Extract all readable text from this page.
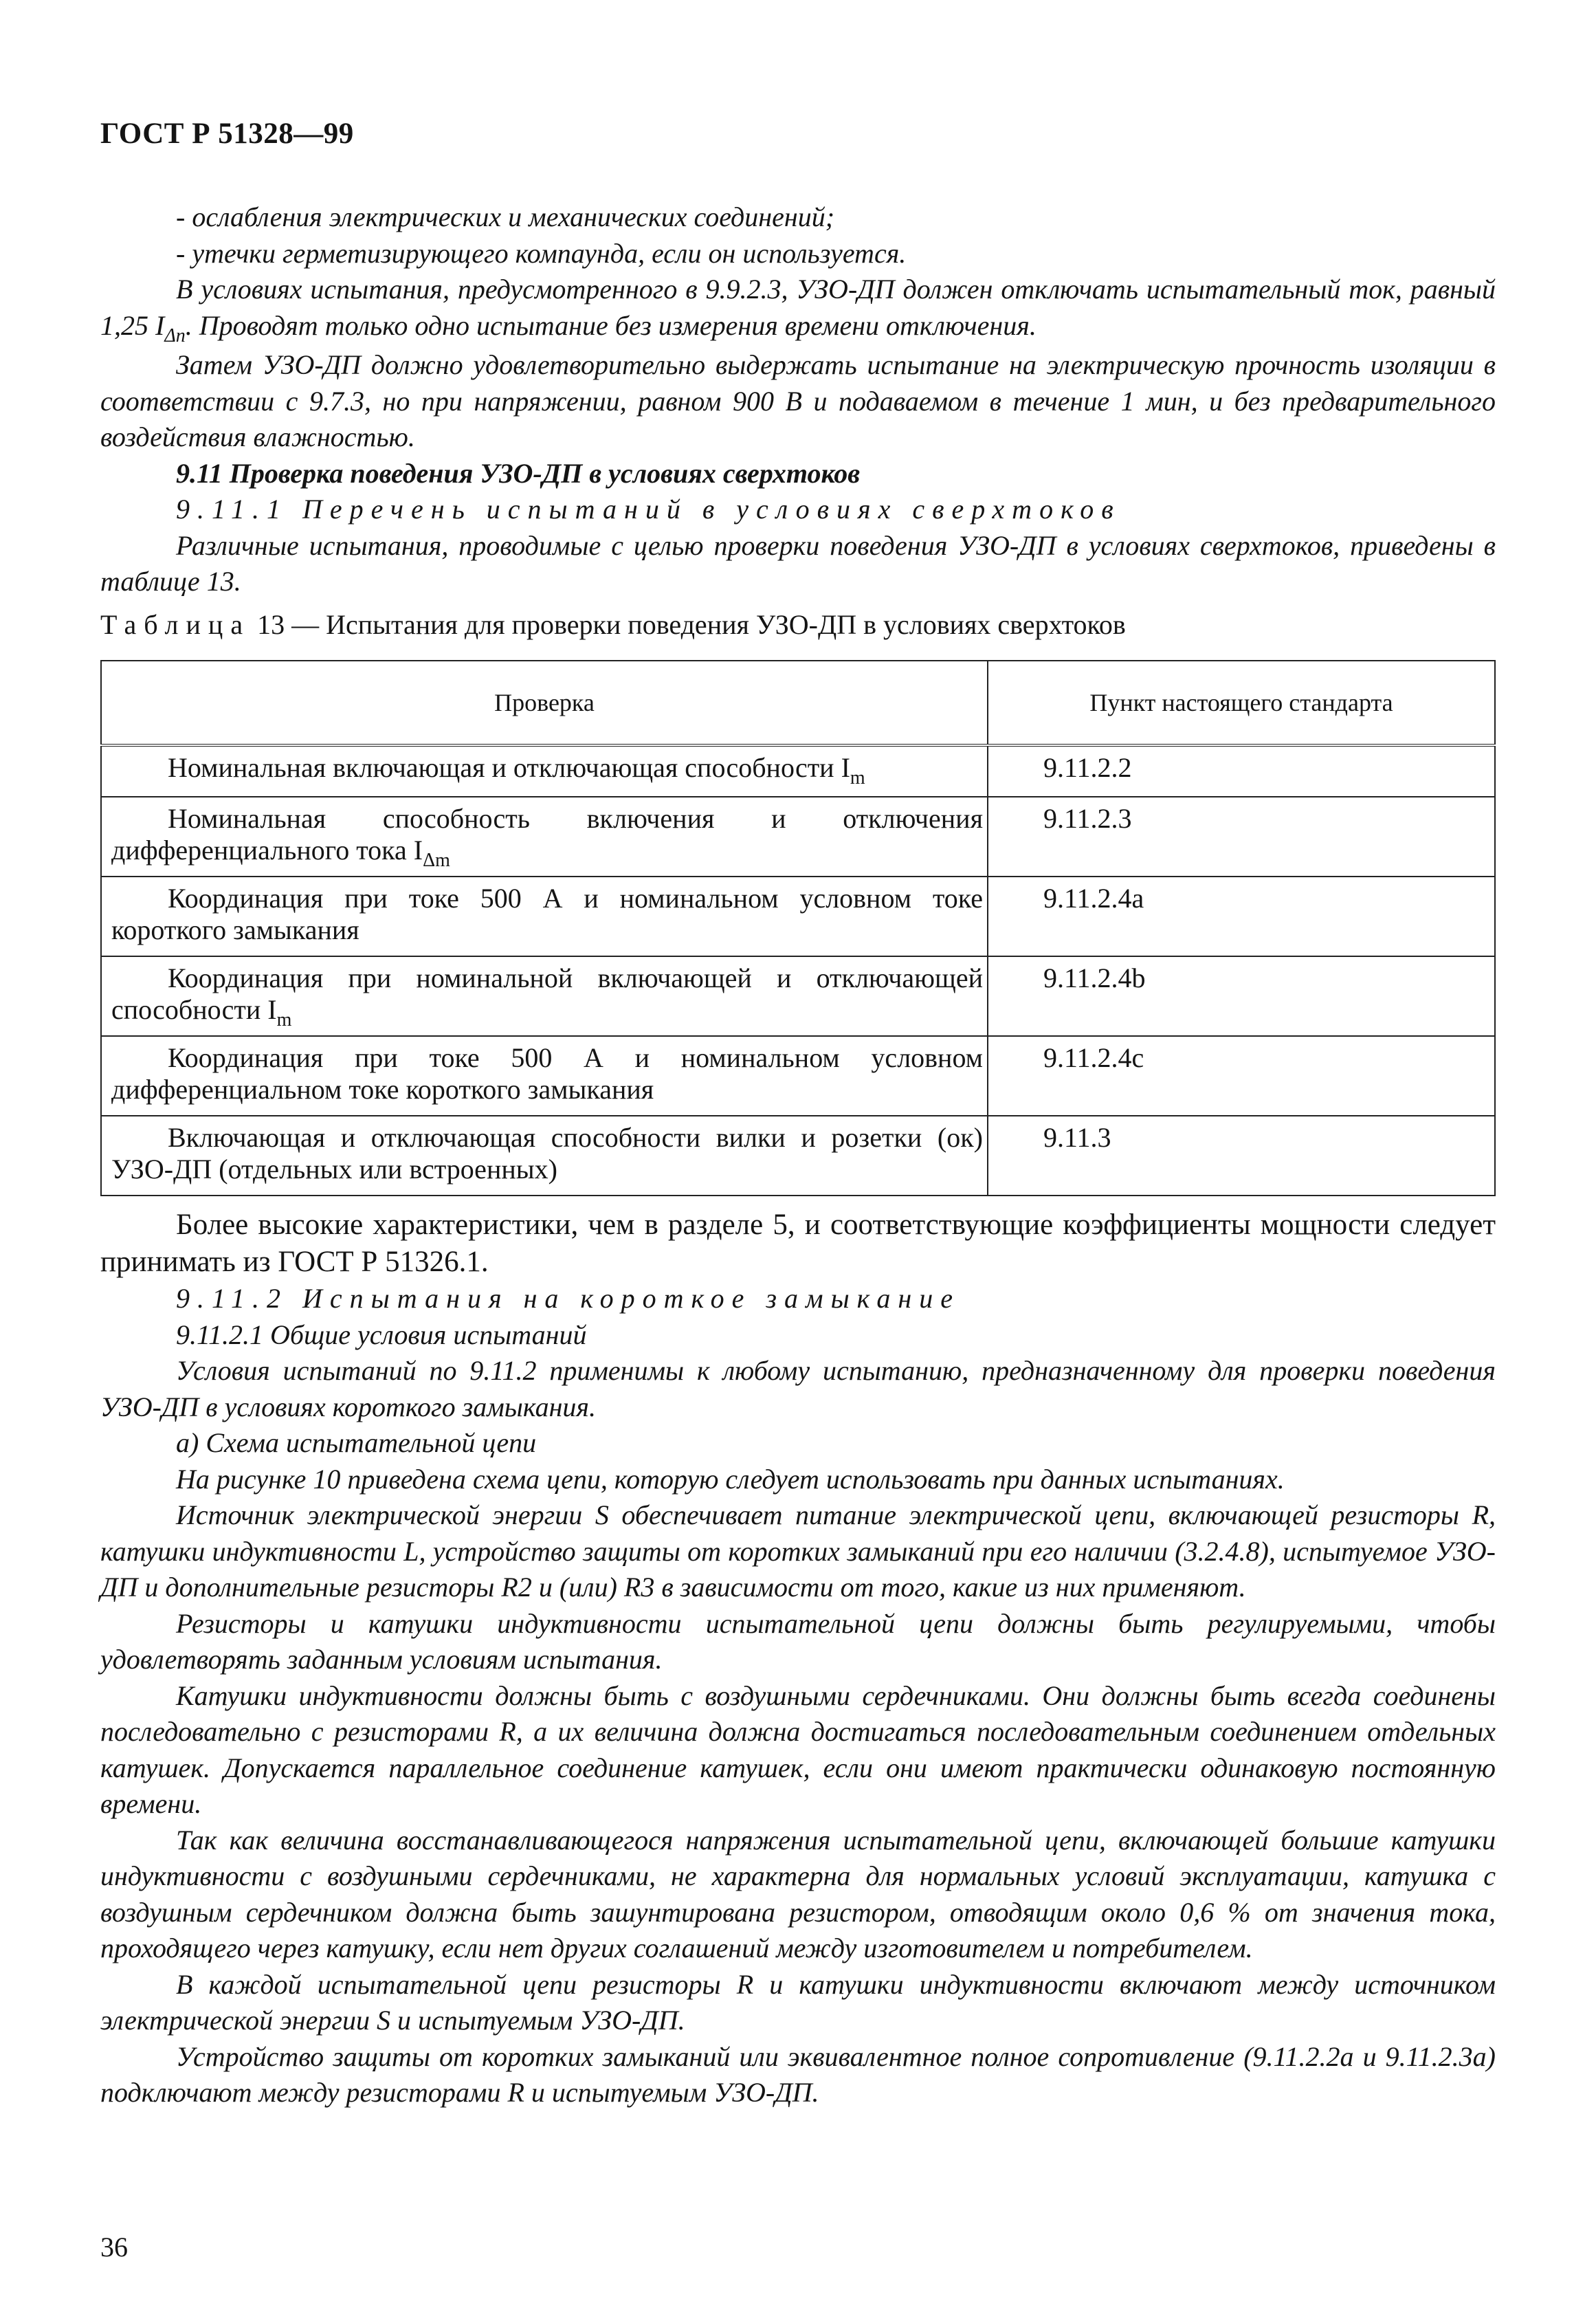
ГОСТ Р 51328—99

- ослабления электрических и механических соединений;

- утечки герметизирующего компаунда, если он используется.

В условиях испытания, предусмотренного в 9.9.2.3, УЗО-ДП должен отключать испытательный ток, равный 1,25 $I_{\Delta n}$. Проводят только одно испытание без измерения времени отключения.

Затем УЗО-ДП должно удовлетворительно выдержать испытание на электрическую прочность изоляции в соответствии с 9.7.3, но при напряжении, равном 900 В и подаваемом в течение 1 мин, и без предварительного воздействия влажностью.

9.11 Проверка поведения УЗО-ДП в условиях сверхтоков

9.11.1 Перечень испытаний в условиях сверхтоков

Различные испытания, проводимые с целью проверки поведения УЗО-ДП в условиях сверхтоков, приведены в таблице 13.

Таблица 13 — Испытания для проверки поведения УЗО-ДП в условиях сверхтоков
Проверка	Пункт настоящего стандарта

Номинальная включающая и отключающая способности $I_m$	9.11.2.2

Номинальная способность включения и отключения дифференциального тока $I_{\Delta m}$	9.11.2.3

Координация при токе 500 А и номинальном условном токе короткого замыкания	9.11.2.4a

Координация при номинальной включающей и отключающей способности $I_m$	9.11.2.4b

Координация при токе 500 А и номинальном условном дифференциальном токе короткого замыкания	9.11.2.4c

Включающая и отключающая способности вилки и розетки (ок) УЗО-ДП (отдельных или встроенных)	9.11.3

Более высокие характеристики, чем в разделе 5, и соответствующие коэффициенты мощности следует принимать из ГОСТ Р 51326.1.

9.11.2 Испытания на короткое замыкание

9.11.2.1 Общие условия испытаний

Условия испытаний по 9.11.2 применимы к любому испытанию, предназначенному для проверки поведения УЗО-ДП в условиях короткого замыкания.

а) Схема испытательной цепи

На рисунке 10 приведена схема цепи, которую следует использовать при данных испытаниях.

Источник электрической энергии S обеспечивает питание электрической цепи, включающей резисторы R, катушки индуктивности L, устройство защиты от коротких замыканий при его наличии (3.2.4.8), испытуемое УЗО-ДП и дополнительные резисторы R2 и (или) R3 в зависимости от того, какие из них применяют.

Резисторы и катушки индуктивности испытательной цепи должны быть регулируемыми, чтобы удовлетворять заданным условиям испытания.

Катушки индуктивности должны быть с воздушными сердечниками. Они должны быть всегда соединены последовательно с резисторами R, а их величина должна достигаться последовательным соединением отдельных катушек. Допускается параллельное соединение катушек, если они имеют практически одинаковую постоянную времени.

Так как величина восстанавливающегося напряжения испытательной цепи, включающей большие катушки индуктивности с воздушными сердечниками, не характерна для нормальных условий эксплуатации, катушка с воздушным сердечником должна быть зашунтирована резистором, отводящим около 0,6 % от значения тока, проходящего через катушку, если нет других соглашений между изготовителем и потребителем.

В каждой испытательной цепи резисторы R и катушки индуктивности включают между источником электрической энергии S и испытуемым УЗО-ДП.

Устройство защиты от коротких замыканий или эквивалентное полное сопротивление (9.11.2.2а и 9.11.2.3а) подключают между резисторами R и испытуемым УЗО-ДП.

36
